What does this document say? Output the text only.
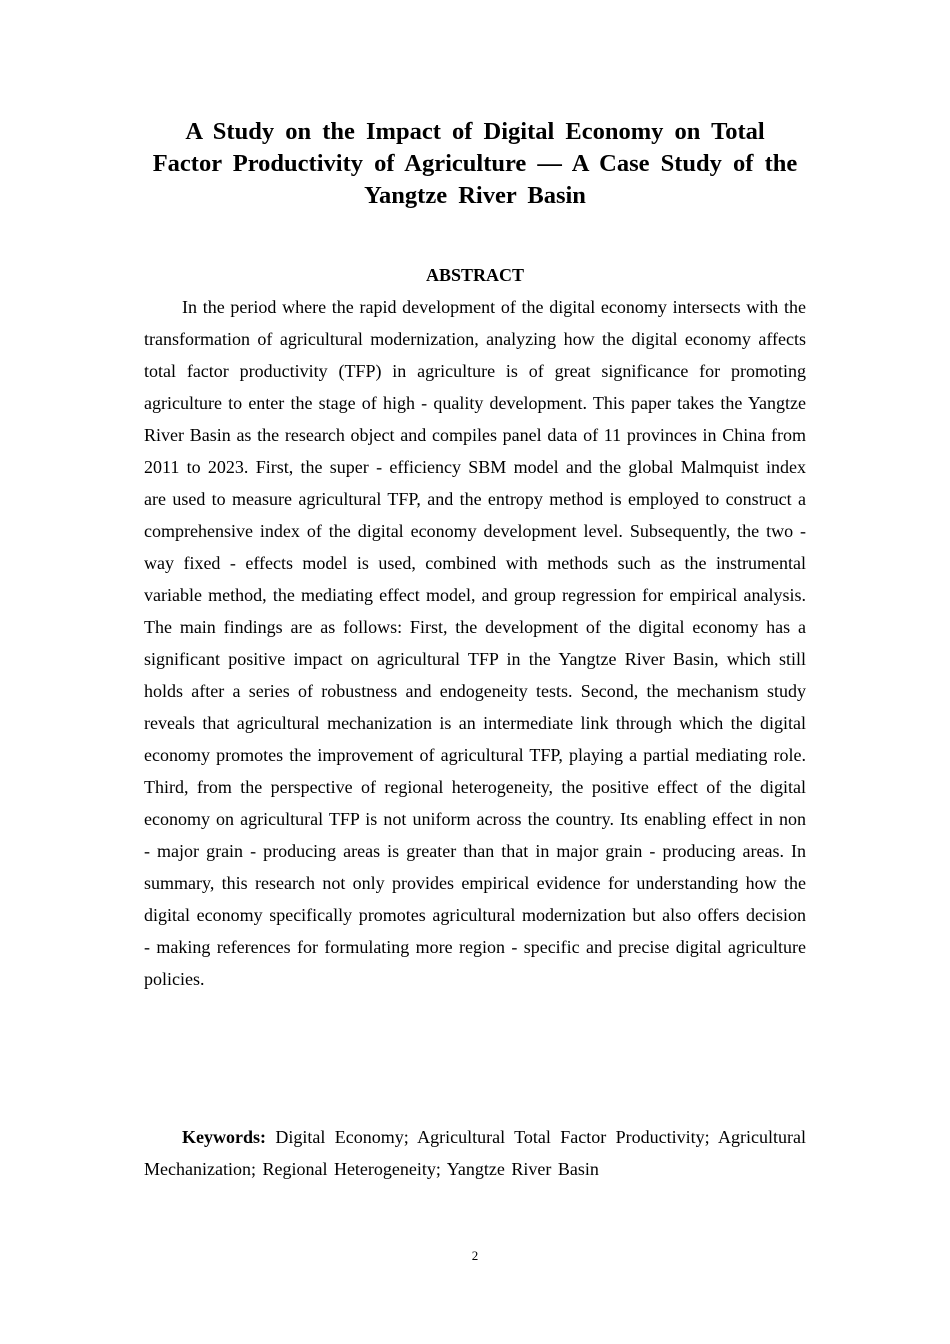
A Study on the Impact of Digital Economy on Total Factor Productivity of Agriculture — A Case Study of the Yangtze River Basin
ABSTRACT

In the period where the rapid development of the digital economy intersects with the transformation of agricultural modernization, analyzing how the digital economy affects total factor productivity (TFP) in agriculture is of great significance for promoting agriculture to enter the stage of high - quality development. This paper takes the Yangtze River Basin as the research object and compiles panel data of 11 provinces in China from 2011 to 2023. First, the super - efficiency SBM model and the global Malmquist index are used to measure agricultural TFP, and the entropy method is employed to construct a comprehensive index of the digital economy development level. Subsequently, the two - way fixed - effects model is used, combined with methods such as the instrumental variable method, the mediating effect model, and group regression for empirical analysis. The main findings are as follows: First, the development of the digital economy has a significant positive impact on agricultural TFP in the Yangtze River Basin, which still holds after a series of robustness and endogeneity tests. Second, the mechanism study reveals that agricultural mechanization is an intermediate link through which the digital economy promotes the improvement of agricultural TFP, playing a partial mediating role. Third, from the perspective of regional heterogeneity, the positive effect of the digital economy on agricultural TFP is not uniform across the country. Its enabling effect in non - major grain - producing areas is greater than that in major grain - producing areas. In summary, this research not only provides empirical evidence for understanding how the digital economy specifically promotes agricultural modernization but also offers decision - making references for formulating more region - specific and precise digital agriculture policies.

Keywords: Digital Economy; Agricultural Total Factor Productivity; Agricultural Mechanization; Regional Heterogeneity; Yangtze River Basin

2
